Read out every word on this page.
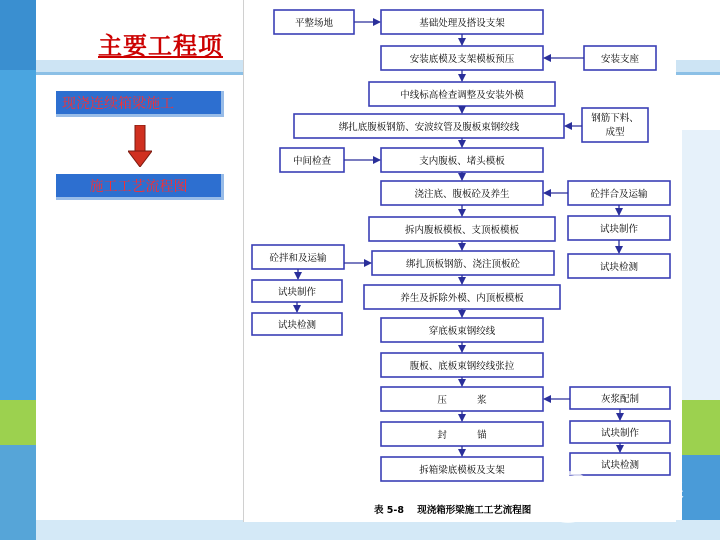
主要工程项
现浇连续箱梁施工
施工工艺流程图
平整场地	基础处理及搭设支架
安装底模及支架模板预压
中线标高检查调整及安装外模
绑扎底腹板钢筋、安波纹管及腹板束钢绞线
支内腹板、堵头模板
浇注底、腹板砼及养生
拆内腹板模板、支顶板模板
绑扎顶板钢筋、浇注顶板砼
养生及拆除外模、内顶板模板
穿底板束钢绞线
腹板、底板束钢绞线张拉
压          浆
封          锚
拆箱梁底模板及支架
安装支座
钢筋下料、
成型
砼拌合及运输
试块制作
试块检测
灰浆配制
试块制作
试块检测
中间检查
砼拌和及运输
试块制作
试块检测
表 5-8    现浇箱形梁施工工艺流程图
汗水云课
xingshuiyun.com
